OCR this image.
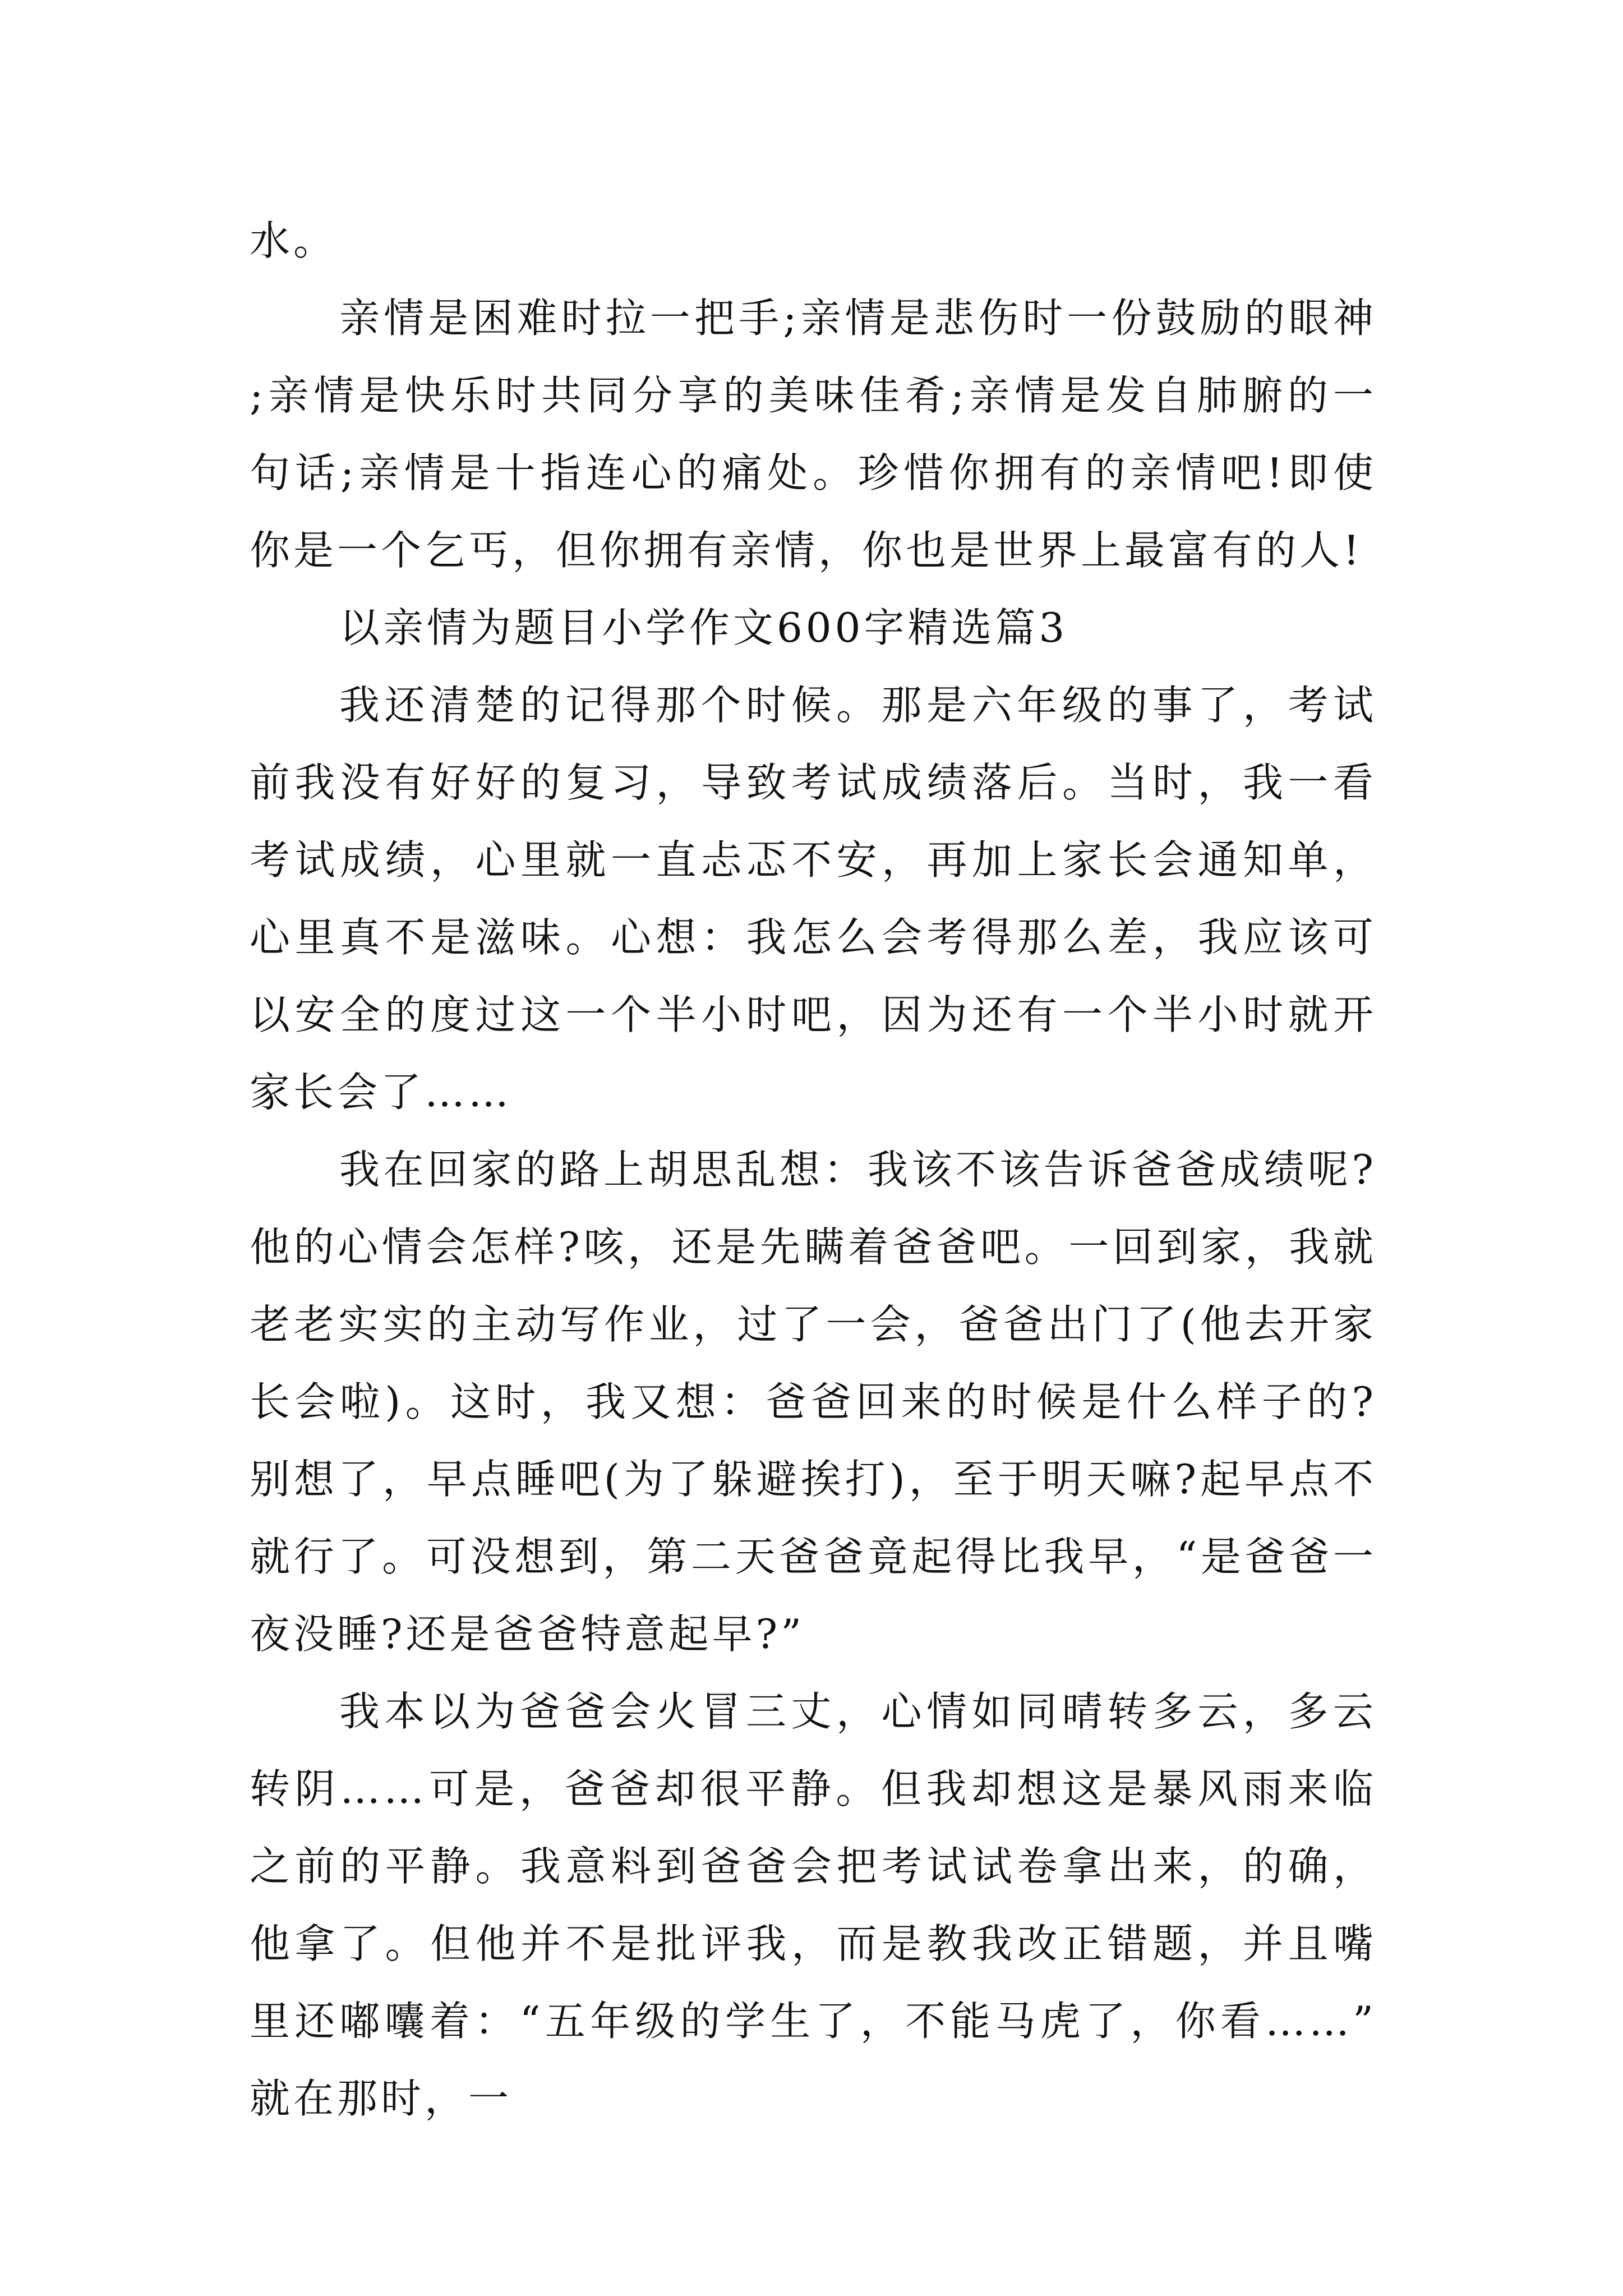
水。

亲情是困难时拉一把手;亲情是悲伤时一份鼓励的眼神;亲情是快乐时共同分享的美味佳肴;亲情是发自肺腑的一句话;亲情是十指连心的痛处。珍惜你拥有的亲情吧!即使你是一个乞丐，但你拥有亲情，你也是世界上最富有的人!

以亲情为题目小学作文600字精选篇3

我还清楚的记得那个时候。那是六年级的事了，考试前我没有好好的复习，导致考试成绩落后。当时，我一看考试成绩，心里就一直忐忑不安，再加上家长会通知单，心里真不是滋味。心想：我怎么会考得那么差，我应该可以安全的度过这一个半小时吧，因为还有一个半小时就开家长会了……

我在回家的路上胡思乱想：我该不该告诉爸爸成绩呢?他的心情会怎样?咳，还是先瞒着爸爸吧。一回到家，我就老老实实的主动写作业，过了一会，爸爸出门了(他去开家长会啦)。这时，我又想：爸爸回来的时候是什么样子的?别想了，早点睡吧(为了躲避挨打)，至于明天嘛?起早点不就行了。可没想到，第二天爸爸竟起得比我早，“是爸爸一夜没睡?还是爸爸特意起早?”

我本以为爸爸会火冒三丈，心情如同晴转多云，多云转阴……可是，爸爸却很平静。但我却想这是暴风雨来临之前的平静。我意料到爸爸会把考试试卷拿出来，的确，他拿了。但他并不是批评我，而是教我改正错题，并且嘴里还嘟囔着：“五年级的学生了，不能马虎了，你看……”就在那时，一
